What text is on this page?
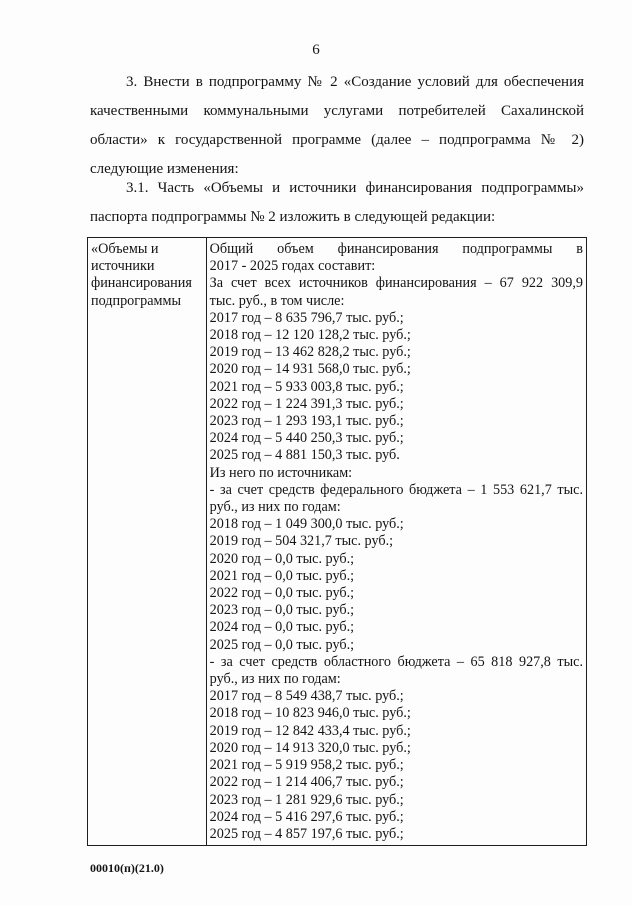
6
3. Внести в подпрограмму № 2 «Создание условий для обеспечения
качественными коммунальными услугами потребителей Сахалинской
области» к государственной программе (далее – подпрограмма № 2)
следующие изменения:
3.1. Часть «Объемы и источники финансирования подпрограммы»
паспорта подпрограммы № 2 изложить в следующей редакции:
«Объемы и
источники
финансирования
подпрограммы

Общий объем финансирования подпрограммы в
2017 - 2025 годах составит:
За счет всех источников финансирования – 67 922 309,9
тыс. руб., в том числе:
2017 год – 8 635 796,7 тыс. руб.;
2018 год – 12 120 128,2 тыс. руб.;
2019 год – 13 462 828,2 тыс. руб.;
2020 год – 14 931 568,0 тыс. руб.;
2021 год – 5 933 003,8 тыс. руб.;
2022 год – 1 224 391,3 тыс. руб.;
2023 год – 1 293 193,1 тыс. руб.;
2024 год – 5 440 250,3 тыс. руб.;
2025 год – 4 881 150,3 тыс. руб.
Из него по источникам:
- за счет средств федерального бюджета – 1 553 621,7 тыс.
руб., из них по годам:
2018 год – 1 049 300,0 тыс. руб.;
2019 год – 504 321,7 тыс. руб.;
2020 год – 0,0 тыс. руб.;
2021 год – 0,0 тыс. руб.;
2022 год – 0,0 тыс. руб.;
2023 год – 0,0 тыс. руб.;
2024 год – 0,0 тыс. руб.;
2025 год – 0,0 тыс. руб.;
- за счет средств областного бюджета – 65 818 927,8 тыс.
руб., из них по годам:
2017 год – 8 549 438,7 тыс. руб.;
2018 год – 10 823 946,0 тыс. руб.;
2019 год – 12 842 433,4 тыс. руб.;
2020 год – 14 913 320,0 тыс. руб.;
2021 год – 5 919 958,2 тыс. руб.;
2022 год – 1 214 406,7 тыс. руб.;
2023 год – 1 281 929,6 тыс. руб.;
2024 год – 5 416 297,6 тыс. руб.;
2025 год – 4 857 197,6 тыс. руб.;
00010(п)(21.0)
